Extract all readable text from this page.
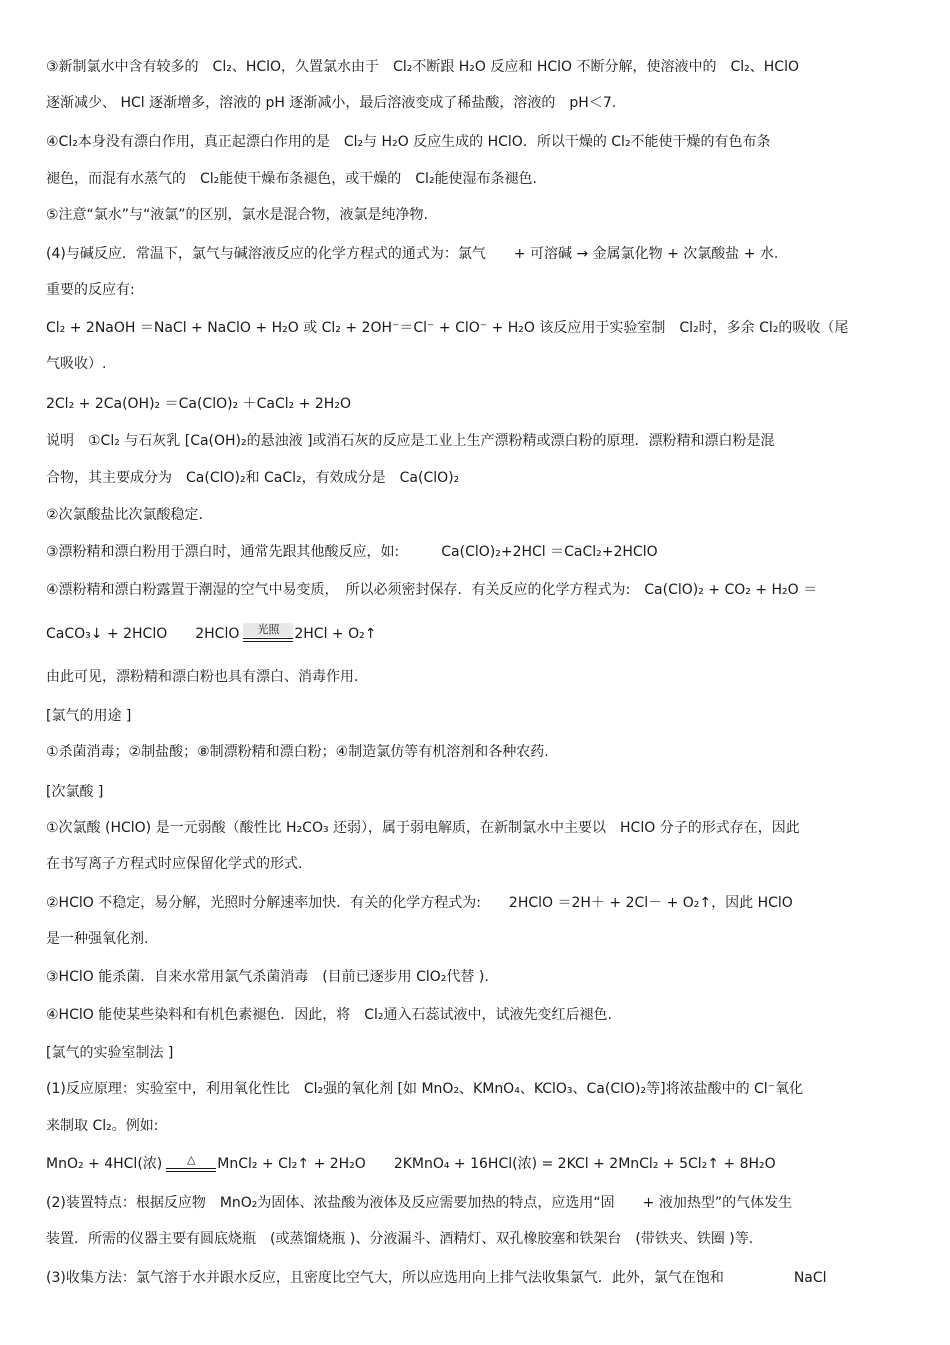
③新制氯水中含有较多的　Cl₂、HClO，久置氯水由于　Cl₂不断跟 H₂O 反应和 HClO 不断分解，使溶液中的　Cl₂、HClO
逐渐减少、 HCl 逐渐增多，溶液的 pH 逐渐减小，最后溶液变成了稀盐酸，溶液的　pH＜7.
④Cl₂本身没有漂白作用，真正起漂白作用的是　Cl₂与 H₂O 反应生成的 HClO．所以干燥的 Cl₂不能使干燥的有色布条
褪色，而混有水蒸气的　Cl₂能使干燥布条褪色，或干燥的　Cl₂能使湿布条褪色.
⑤注意“氯水”与“液氯”的区别，氯水是混合物，液氯是纯净物.
(4)与碱反应．常温下，氯气与碱溶液反应的化学方程式的通式为：氯气　　+ 可溶碱 → 金属氯化物 + 次氯酸盐 + 水.
重要的反应有:
Cl₂ + 2NaOH ＝NaCl + NaClO + H₂O 或 Cl₂ + 2OH⁻＝Cl⁻ + ClO⁻ + H₂O 该反应用于实验室制　Cl₂时，多余 Cl₂的吸收（尾
气吸收）.
2Cl₂ + 2Ca(OH)₂ ＝Ca(ClO)₂ ＋CaCl₂ + 2H₂O
说明　①Cl₂ 与石灰乳 [Ca(OH)₂的悬浊液 ]或消石灰的反应是工业上生产漂粉精或漂白粉的原理．漂粉精和漂白粉是混
合物，其主要成分为　Ca(ClO)₂和 CaCl₂，有效成分是　Ca(ClO)₂
②次氯酸盐比次氯酸稳定.
③漂粉精和漂白粉用于漂白时，通常先跟其他酸反应，如:　　　Ca(ClO)₂+2HCl ＝CaCl₂+2HClO
④漂粉精和漂白粉露置于潮湿的空气中易变质，　所以必须密封保存．有关反应的化学方程式为:　Ca(ClO)₂ + CO₂ + H₂O ＝
CaCO₃↓ + 2HClO　　2HClO	光照	2HCl + O₂↑
由此可见，漂粉精和漂白粉也具有漂白、消毒作用.
[氯气的用途 ]
①杀菌消毒；②制盐酸；⑧制漂粉精和漂白粉；④制造氯仿等有机溶剂和各种农药.
[次氯酸 ]
①次氯酸 (HClO) 是一元弱酸（酸性比 H₂CO₃ 还弱），属于弱电解质，在新制氯水中主要以　HClO 分子的形式存在，因此
在书写离子方程式时应保留化学式的形式.
②HClO 不稳定，易分解，光照时分解速率加快．有关的化学方程式为:　　2HClO ＝2H＋ + 2Cl－ + O₂↑，因此 HClO
是一种强氧化剂.
③HClO 能杀菌．自来水常用氯气杀菌消毒　(目前已逐步用 ClO₂代替 ).
④HClO 能使某些染料和有机色素褪色．因此，将　Cl₂通入石蕊试液中，试液先变红后褪色.
[氯气的实验室制法 ]
(1)反应原理：实验室中，利用氧化性比　Cl₂强的氧化剂 [如 MnO₂、KMnO₄、KClO₃、Ca(ClO)₂等]将浓盐酸中的 Cl⁻氧化
来制取 Cl₂。例如:
MnO₂ + 4HCl(浓)	△	MnCl₂ + Cl₂↑ + 2H₂O　　2KMnO₄ + 16HCl(浓) = 2KCl + 2MnCl₂ + 5Cl₂↑ + 8H₂O
(2)装置特点：根据反应物　MnO₂为固体、浓盐酸为液体及反应需要加热的特点，应选用“固　　+ 液加热型”的气体发生
装置．所需的仪器主要有圆底烧瓶　(或蒸馏烧瓶 )、分液漏斗、酒精灯、双孔橡胶塞和铁架台　(带铁夹、铁圈 )等.
(3)收集方法：氯气溶于水并跟水反应，且密度比空气大，所以应选用向上排气法收集氯气．此外，氯气在饱和　　　　　NaCl
